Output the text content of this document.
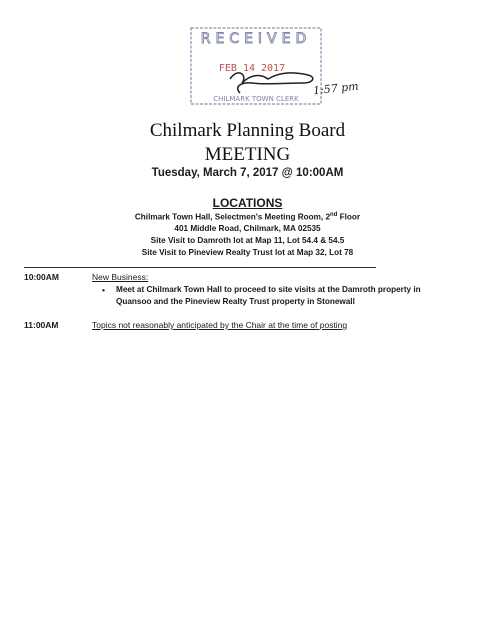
RECEIVED
FEB 14 2017
CHILMARK TOWN CLERK
1:57 pm
Chilmark Planning Board
MEETING
Tuesday, March 7, 2017 @ 10:00AM
LOCATIONS
Chilmark Town Hall, Selectmen's Meeting Room, 2nd Floor
401 Middle Road, Chilmark, MA 02535
Site Visit to Damroth lot at Map 11, Lot 54.4 & 54.5
Site Visit to Pineview Realty Trust lot at Map 32, Lot 78
10:00AM	New Business:
• Meet at Chilmark Town Hall to proceed to site visits at the Damroth property in
Quansoo and the Pineview Realty Trust property in Stonewall
11:00AM	Topics not reasonably anticipated by the Chair at the time of posting
